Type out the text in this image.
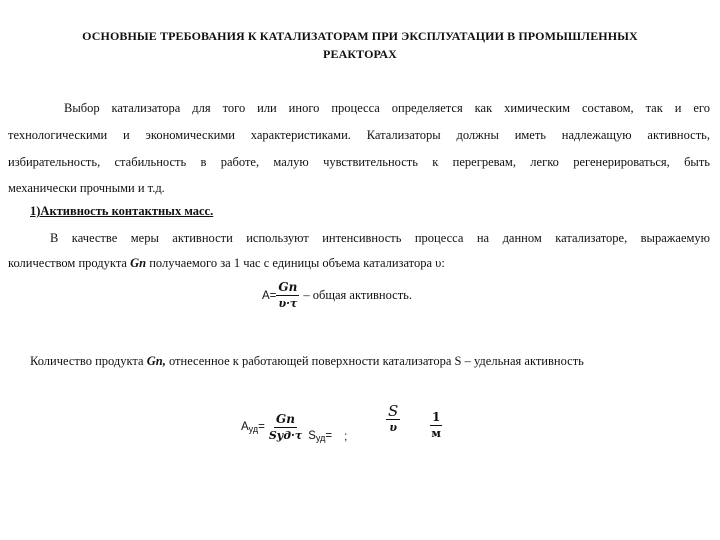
ОСНОВНЫЕ ТРЕБОВАНИЯ К КАТАЛИЗАТОРАМ ПРИ ЭКСПЛУАТАЦИИ В ПРОМЫШЛЕННЫХ
РЕАКТОРАХ
Выбор катализатора для того или иного процесса определяется как химическим составом, так и его
технологическими и экономическими характеристиками. Катализаторы должны иметь надлежащую активность,
избирательность, стабильность в работе, малую чувствительность к перегревам, легко регенерироваться, быть
механически прочными и т.д.
1)Активность контактных масс.
В качестве меры активности используют интенсивность процесса на данном катализаторе, выражаемую
количеством продукта Gn получаемого за 1 час с единицы объема катализатора υ:
$A= \frac{Gn}{\upsilon\cdot\tau}$ – общая активность.
Количество продукта Gn, отнесенное к работающей поверхности катализатора S – удельная активность
$A_{уд}= \frac{Gn}{\text{Sуд·τ}} S_{уд}=$ ;
$\frac{S}{\upsilon} \frac{1}{м}$
